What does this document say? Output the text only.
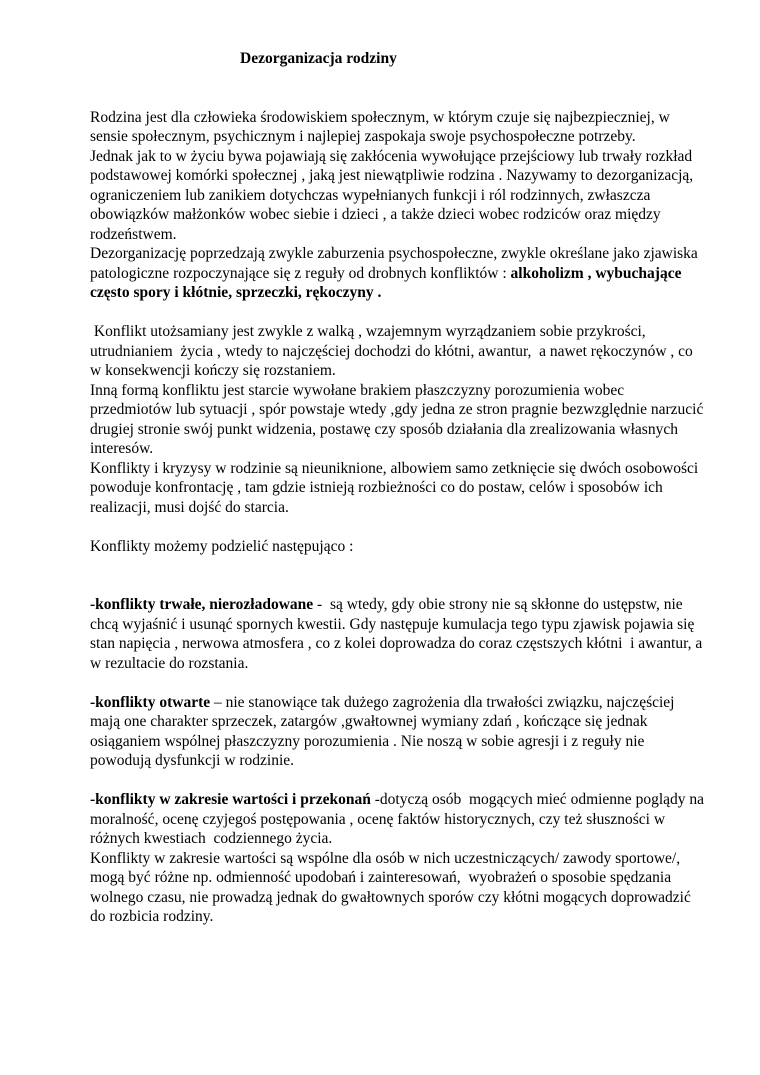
Dezorganizacja rodziny

Rodzina jest dla człowieka środowiskiem społecznym, w którym czuje się najbezpieczniej, w sensie społecznym, psychicznym i najlepiej zaspokaja swoje psychospołeczne potrzeby.

Jednak jak to w życiu bywa pojawiają się zakłócenia wywołujące przejściowy lub trwały rozkład podstawowej komórki społecznej , jaką jest niewątpliwie rodzina . Nazywamy to dezorganizacją, ograniczeniem lub zanikiem dotychczas wypełnianych funkcji i ról rodzinnych, zwłaszcza obowiązków małżonków wobec siebie i dzieci , a także dzieci wobec rodziców oraz między rodzeństwem.

Dezorganizację poprzedzają zwykle zaburzenia psychospołeczne, zwykle określane jako zjawiska patologiczne rozpoczynające się z reguły od drobnych konfliktów : alkoholizm , wybuchające często spory i kłótnie, sprzeczki, rękoczyny .

Konflikt utożsamiany jest zwykle z walką , wzajemnym wyrządzaniem sobie przykrości, utrudnianiem  życia , wtedy to najczęściej dochodzi do kłótni, awantur,  a nawet rękoczynów , co w konsekwencji kończy się rozstaniem.

Inną formą konfliktu jest starcie wywołane brakiem płaszczyzny porozumienia wobec przedmiotów lub sytuacji , spór powstaje wtedy ,gdy jedna ze stron pragnie bezwzględnie narzucić  drugiej stronie swój punkt widzenia, postawę czy sposób działania dla zrealizowania własnych interesów.

Konflikty i kryzysy w rodzinie są nieuniknione, albowiem samo zetknięcie się dwóch osobowości powoduje konfrontację , tam gdzie istnieją rozbieżności co do postaw, celów i sposobów ich realizacji, musi dojść do starcia.

Konflikty możemy podzielić następująco :

-konflikty trwałe, nierozładowane -  są wtedy, gdy obie strony nie są skłonne do ustępstw, nie chcą wyjaśnić i usunąć spornych kwestii. Gdy następuje kumulacja tego typu zjawisk pojawia się stan napięcia , nerwowa atmosfera , co z kolei doprowadza do coraz częstszych kłótni  i awantur, a w rezultacie do rozstania.

-konflikty otwarte – nie stanowiące tak dużego zagrożenia dla trwałości związku, najczęściej mają one charakter sprzeczek, zatargów ,gwałtownej wymiany zdań , kończące się jednak osiąganiem wspólnej płaszczyzny porozumienia . Nie noszą w sobie agresji i z reguły nie powodują dysfunkcji w rodzinie.

-konflikty w zakresie wartości i przekonań -dotyczą osób  mogących mieć odmienne poglądy na moralność, ocenę czyjegoś postępowania , ocenę faktów historycznych, czy też słuszności w różnych kwestiach  codziennego życia.

Konflikty w zakresie wartości są wspólne dla osób w nich uczestniczących/ zawody sportowe/, mogą być różne np. odmienność upodobań i zainteresowań,  wyobrażeń o sposobie spędzania wolnego czasu, nie prowadzą jednak do gwałtownych sporów czy kłótni mogących doprowadzić do rozbicia rodziny.
